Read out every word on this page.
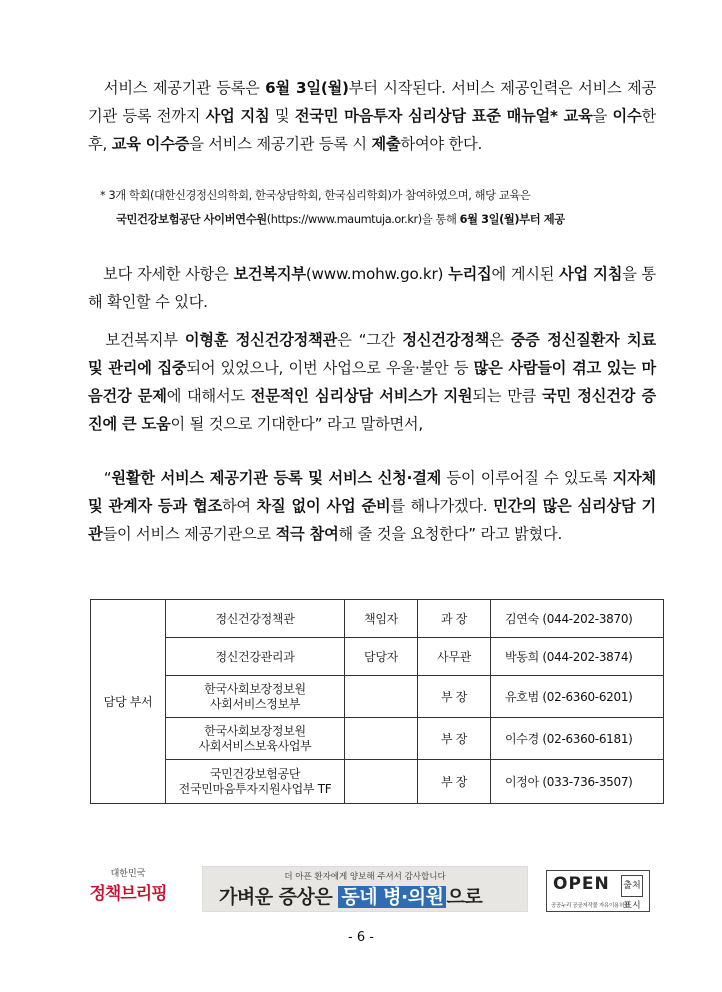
　서비스 제공기관 등록은 6월 3일(월)부터 시작된다. 서비스 제공인력은 서비스 제공기관 등록 전까지 사업 지침 및 전국민 마음투자 심리상담 표준 매뉴얼* 교육을 이수한 후, 교육 이수증을 서비스 제공기관 등록 시 제출하여야 한다.
* 3개 학회(대한신경정신의학회, 한국상담학회, 한국심리학회)가 참여하였으며, 해당 교육은
국민건강보험공단 사이버연수원(https://www.maumtuja.or.kr)을 통해 6월 3일(월)부터 제공
　보다 자세한 사항은 보건복지부(www.mohw.go.kr) 누리집에 게시된 사업 지침을 통해 확인할 수 있다.
　보건복지부 이형훈 정신건강정책관은 “그간 정신건강정책은 중증 정신질환자 치료 및 관리에 집중되어 있었으나, 이번 사업으로 우울·불안 등 많은 사람들이 겪고 있는 마음건강 문제에 대해서도 전문적인 심리상담 서비스가 지원되는 만큼 국민 정신건강 증진에 큰 도움이 될 것으로 기대한다” 라고 말하면서,
　“원활한 서비스 제공기관 등록 및 서비스 신청·결제 등이 이루어질 수 있도록 지자체 및 관계자 등과 협조하여 차질 없이 사업 준비를 해나가겠다. 민간의 많은 심리상담 기관들이 서비스 제공기관으로 적극 참여해 줄 것을 요청한다” 라고 밝혔다.
담당 부서	정신건강정책관	책임자	과 장	김연숙 (044-202-3870)
	정신건강관리과	담당자	사무관	박동희 (044-202-3874)
	한국사회보장정보원
사회서비스정보부		부 장	유호범 (02-6360-6201)
	한국사회보장정보원
사회서비스보육사업부		부 장	이수경 (02-6360-6181)
	국민건강보험공단
전국민마음투자지원사업부 TF		부 장	이정아 (033-736-3507)
대한민국
정책브리핑
더 아픈 환자에게 양보해 주셔서 감사합니다
가벼운 증상은 동네 병·의원 으로
OPEN 출처표시
공공누리 공공저작물 자유이용허락
- 6 -
